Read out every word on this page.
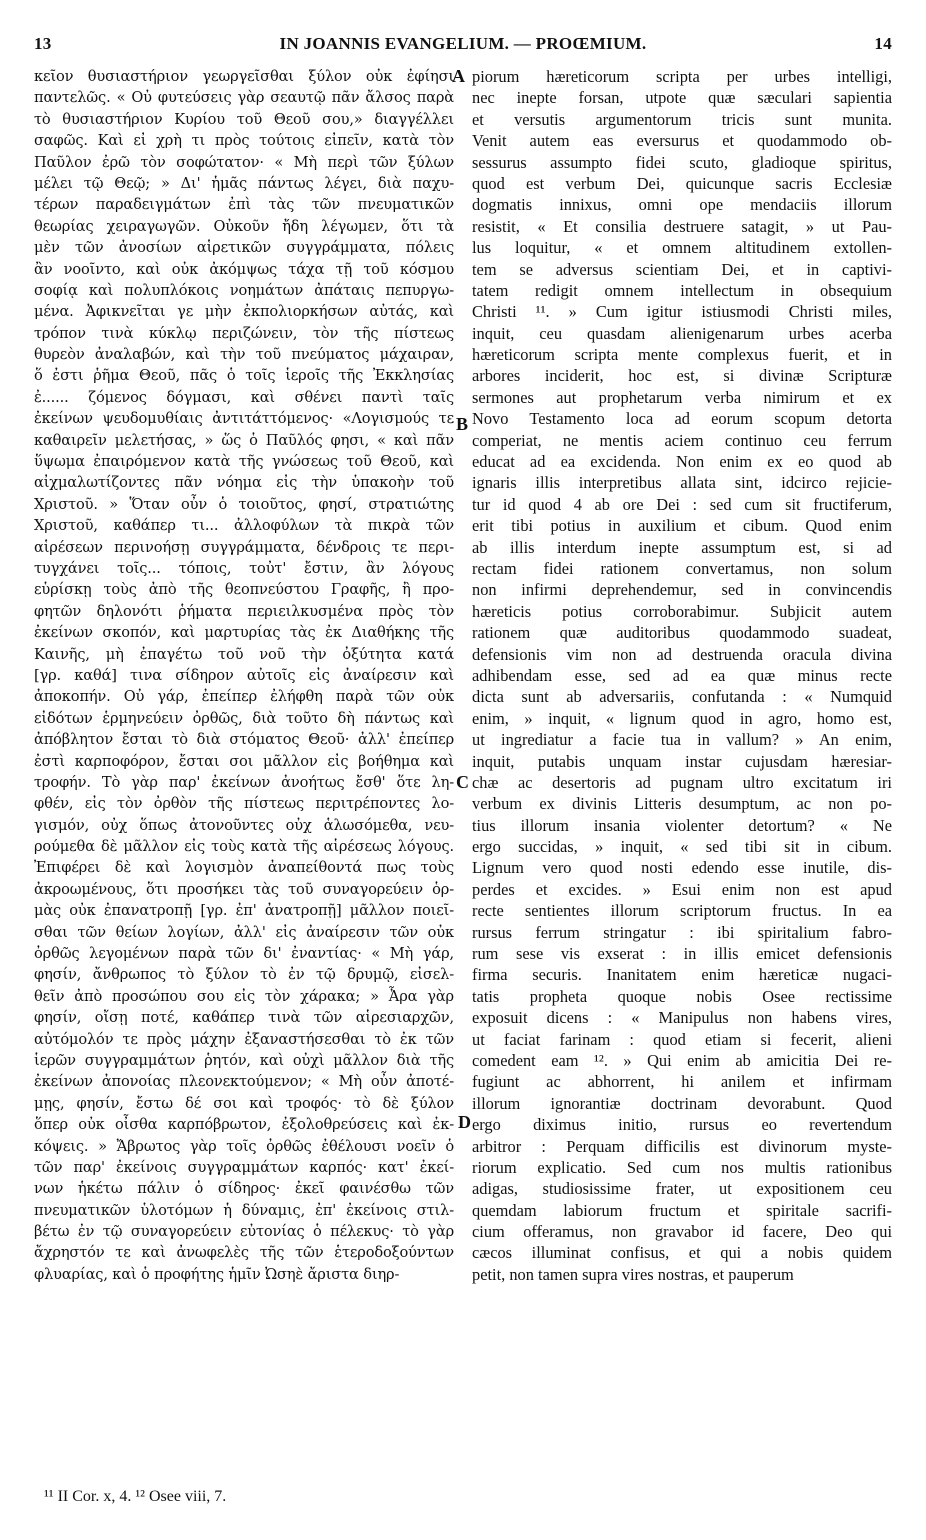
13	IN JOANNIS EVANGELIUM. — PROŒMIUM.	14
κεῖον θυσιαστήριον γεωργεῖσθαι ξύλον οὐκ ἐφίησι
παντελῶς. « Οὐ φυτεύσεις γὰρ σεαυτῷ πᾶν ἄλσος παρὰ
τὸ θυσιαστήριον Κυρίου τοῦ Θεοῦ σου,» διαγγέλλει
σαφῶς. Καὶ εἰ χρὴ τι πρὸς τούτοις εἰπεῖν, κατὰ τὸν
Παῦλον ἐρῶ τὸν σοφώτατον· « Μὴ περὶ τῶν ξύλων
μέλει τῷ Θεῷ; » Δι' ἡμᾶς πάντως λέγει, διὰ παχυ-
τέρων παραδειγμάτων ἐπὶ τὰς τῶν πνευματικῶν
θεωρίας χειραγωγῶν. Οὐκοῦν ἤδη λέγωμεν, ὅτι τὰ
μὲν τῶν ἀνοσίων αἱρετικῶν συγγράμματα, πόλεις
ἂν νοοῖντο, καὶ οὐκ ἀκόμψως τάχα τῇ τοῦ κόσμου
σοφίᾳ καὶ πολυπλόκοις νοημάτων ἀπάταις πεπυργω-
μένα. Ἀφικνεῖται γε μὴν ἐκπολιορκήσων αὐτάς, καὶ
τρόπον τινὰ κύκλῳ περιζώνειν, τὸν τῆς πίστεως
θυρεὸν ἀναλαβών, καὶ τὴν τοῦ πνεύματος μάχαιραν,
ὅ ἐστι ῥῆμα Θεοῦ, πᾶς ὁ τοῖς ἱεροῖς τῆς Ἐκκλησίας
ἐ...... ζόμενος δόγμασι, καὶ σθένει παντὶ ταῖς
ἐκείνων ψευδομυθίαις ἀντιτάττόμενος· «Λογισμούς τε
καθαιρεῖν μελετήσας, » ὥς ὁ Παῦλός φησι, « καὶ πᾶν
ὕψωμα ἐπαιρόμενον κατὰ τῆς γνώσεως τοῦ Θεοῦ, καὶ
αἰχμαλωτίζοντες πᾶν νόημα εἰς τὴν ὑπακοὴν τοῦ
Χριστοῦ. » Ὅταν οὖν ὁ τοιοῦτος, φησί, στρατιώτης
Χριστοῦ, καθάπερ τι... ἀλλοφύλων τὰ πικρὰ τῶν
αἱρέσεων περινοήσῃ συγγράμματα, δένδροις τε περι-
τυγχάνει τοῖς... τόποις, τοὐτ' ἔστιν, ἂν λόγους
εὑρίσκῃ τοὺς ἀπὸ τῆς θεοπνεύστου Γραφῆς, ἢ προ-
φητῶν δηλονότι ῥήματα περιειλκυσμένα πρὸς τὸν
ἐκείνων σκοπόν, καὶ μαρτυρίας τὰς ἐκ Διαθήκης τῆς
Καινῆς, μὴ ἐπαγέτω τοῦ νοῦ τὴν ὀξύτητα κατά
[γρ. καθά] τινα σίδηρον αὐτοῖς εἰς ἀναίρεσιν καὶ
ἀποκοπήν. Οὐ γάρ, ἐπείπερ ἐλήφθη παρὰ τῶν οὐκ
εἰδότων ἑρμηνεύειν ὀρθῶς, διὰ τοῦτο δὴ πάντως καὶ
ἀπόβλητον ἔσται τὸ διὰ στόματος Θεοῦ· ἀλλ' ἐπείπερ
ἐστὶ καρποφόρον, ἔσται σοι μᾶλλον εἰς βοήθημα καὶ
τροφήν. Τὸ γὰρ παρ' ἐκείνων ἀνοήτως ἔσθ' ὅτε λη-
φθέν, εἰς τὸν ὀρθὸν τῆς πίστεως περιτρέποντες λο-
γισμόν, οὐχ ὅπως ἀτονοῦντες οὐχ ἁλωσόμεθα, νευ-
ρούμεθα δὲ μᾶλλον εἰς τοὺς κατὰ τῆς αἱρέσεως λόγους.
Ἐπιφέρει δὲ καὶ λογισμὸν ἀναπείθοντά πως τοὺς
ἀκροωμένους, ὅτι προσήκει τὰς τοῦ συναγορεύειν ὁρ-
μὰς οὐκ ἐπανατροπῇ [γρ. ἐπ' ἀνατροπῇ] μᾶλλον ποιεῖ-
σθαι τῶν θείων λογίων, ἀλλ' εἰς ἀναίρεσιν τῶν οὐκ
ὀρθῶς λεγομένων παρὰ τῶν δι' ἐναντίας· « Μὴ γάρ,
φησίν, ἄνθρωπος τὸ ξύλον τὸ ἐν τῷ δρυμῷ, εἰσελ-
θεῖν ἀπὸ προσώπου σου εἰς τὸν χάρακα; » Ἆρα γὰρ
φησίν, οἴσῃ ποτέ, καθάπερ τινὰ τῶν αἱρεσιαρχῶν,
αὐτόμολόν τε πρὸς μάχην ἐξαναστήσεσθαι τὸ ἐκ τῶν
ἱερῶν συγγραμμάτων ῥητόν, καὶ οὐχὶ μᾶλλον διὰ τῆς
ἐκείνων ἀπονοίας πλεονεκτούμενον; « Μὴ οὖν ἀποτέ-
μῃς, φησίν, ἔστω δέ σοι καὶ τροφός· τὸ δὲ ξύλον
ὅπερ οὐκ οἶσθα καρπόβρωτον, ἐξολοθρεύσεις καὶ ἐκ-
κόψεις. » Ἄβρωτος γὰρ τοῖς ὀρθῶς ἐθέλουσι νοεῖν ὁ
τῶν παρ' ἐκείνοις συγγραμμάτων καρπός· κατ' ἐκεί-
νων ἡκέτω πάλιν ὁ σίδηρος· ἐκεῖ φαινέσθω τῶν
πνευματικῶν ὑλοτόμων ἡ δύναμις, ἐπ' ἐκείνοις στιλ-
βέτω ἐν τῷ συναγορεύειν εὐτονίας ὁ πέλεκυς· τὸ γὰρ
ἄχρηστόν τε καὶ ἀνωφελὲς τῆς τῶν ἑτεροδοξούντων
φλυαρίας, καὶ ὁ προφήτης ἡμῖν Ὠσηὲ ἄριστα διηρ-
piorum hæreticorum scripta per urbes intelligi,
nec inepte forsan, utpote quæ sæculari sapientia
et versutis argumentorum tricis sunt munita.
Venit autem eas eversurus et quodammodo ob-
sessurus assumpto fidei scuto, gladioque spiritus,
quod est verbum Dei, quicunque sacris Ecclesiæ
dogmatis innixus, omni ope mendaciis illorum
resistit, « Et consilia destruere satagit, » ut Pau-
lus loquitur, « et omnem altitudinem extollen-
tem se adversus scientiam Dei, et in captivi-
tatem redigit omnem intellectum in obsequium
Christi ¹¹. » Cum igitur istiusmodi Christi miles,
inquit, ceu quasdam alienigenarum urbes acerba
hæreticorum scripta mente complexus fuerit, et in
arbores inciderit, hoc est, si divinæ Scripturæ
sermones aut prophetarum verba nimirum et ex
Novo Testamento loca ad eorum scopum detorta
comperiat, ne mentis aciem continuo ceu ferrum
educat ad ea excidenda. Non enim ex eo quod ab
ignaris illis interpretibus allata sint, idcirco rejicie-
tur id quod 4 ab ore Dei : sed cum sit fructiferum,
erit tibi potius in auxilium et cibum. Quod enim
ab illis interdum inepte assumptum est, si ad
rectam fidei rationem convertamus, non solum
non infirmi deprehendemur, sed in convincendis
hæreticis potius corroborabimur. Subjicit autem
rationem quæ auditoribus quodammodo suadeat,
defensionis vim non ad destruenda oracula divina
adhibendam esse, sed ad ea quæ minus recte
dicta sunt ab adversariis, confutanda : « Numquid
enim, » inquit, « lignum quod in agro, homo est,
ut ingrediatur a facie tua in vallum? » An enim,
inquit, putabis unquam instar cujusdam hæresiar-
chæ ac desertoris ad pugnam ultro excitatum iri
verbum ex divinis Litteris desumptum, ac non po-
tius illorum insania violenter detortum? « Ne
ergo succidas, » inquit, « sed tibi sit in cibum.
Lignum vero quod nosti edendo esse inutile, dis-
perdes et excides. » Esui enim non est apud
recte sentientes illorum scriptorum fructus. In ea
rursus ferrum stringatur : ibi spiritalium fabro-
rum sese vis exserat : in illis emicet defensionis
firma securis. Inanitatem enim hæreticæ nugaci-
tatis propheta quoque nobis Osee rectissime
exposuit dicens : « Manipulus non habens vires,
ut faciat farinam : quod etiam si fecerit, alieni
comedent eam ¹². » Qui enim ab amicitia Dei re-
fugiunt ac abhorrent, hi anilem et infirmam
illorum ignorantiæ doctrinam devorabunt. Quod
ergo diximus initio, rursus eo revertendum
arbitror : Perquam difficilis est divinorum myste-
riorum explicatio. Sed cum nos multis rationibus
adigas, studiosissime frater, ut expositionem ceu
quemdam labiorum fructum et spiritale sacrifi-
cium offeramus, non gravabor id facere, Deo qui
cæcos illuminat confisus, et qui a nobis quidem
petit, non tamen supra vires nostras, et pauperum
A
B
C
D
¹¹ II Cor. x, 4. ¹² Osee viii, 7.
